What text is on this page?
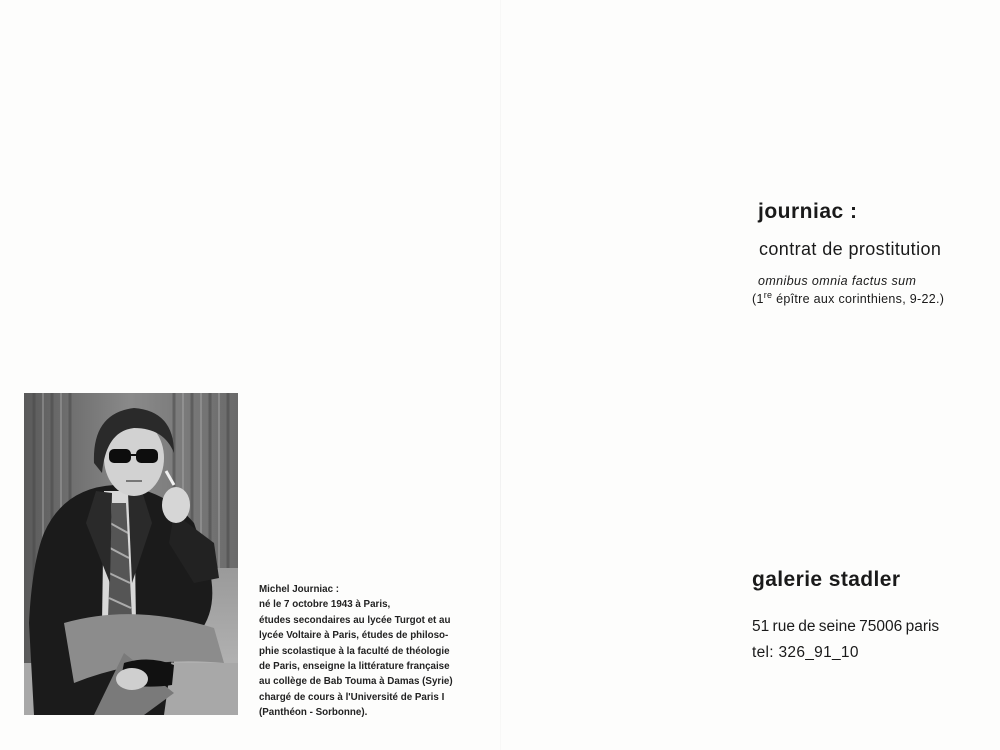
Michel Journiac :
né le 7 octobre 1943 à Paris,
études secondaires au lycée Turgot et au
lycée Voltaire à Paris, études de philoso-
phie scolastique à la faculté de théologie
de Paris, enseigne la littérature française
au collège de Bab Touma à Damas (Syrie)
chargé de cours à l'Université de Paris I
(Panthéon - Sorbonne).
journiac :
contrat de prostitution
omnibus omnia factus sum
(1re épître aux corinthiens, 9-22.)
galerie stadler
51 rue de seine 75006 paris
tel: 326_91_10
